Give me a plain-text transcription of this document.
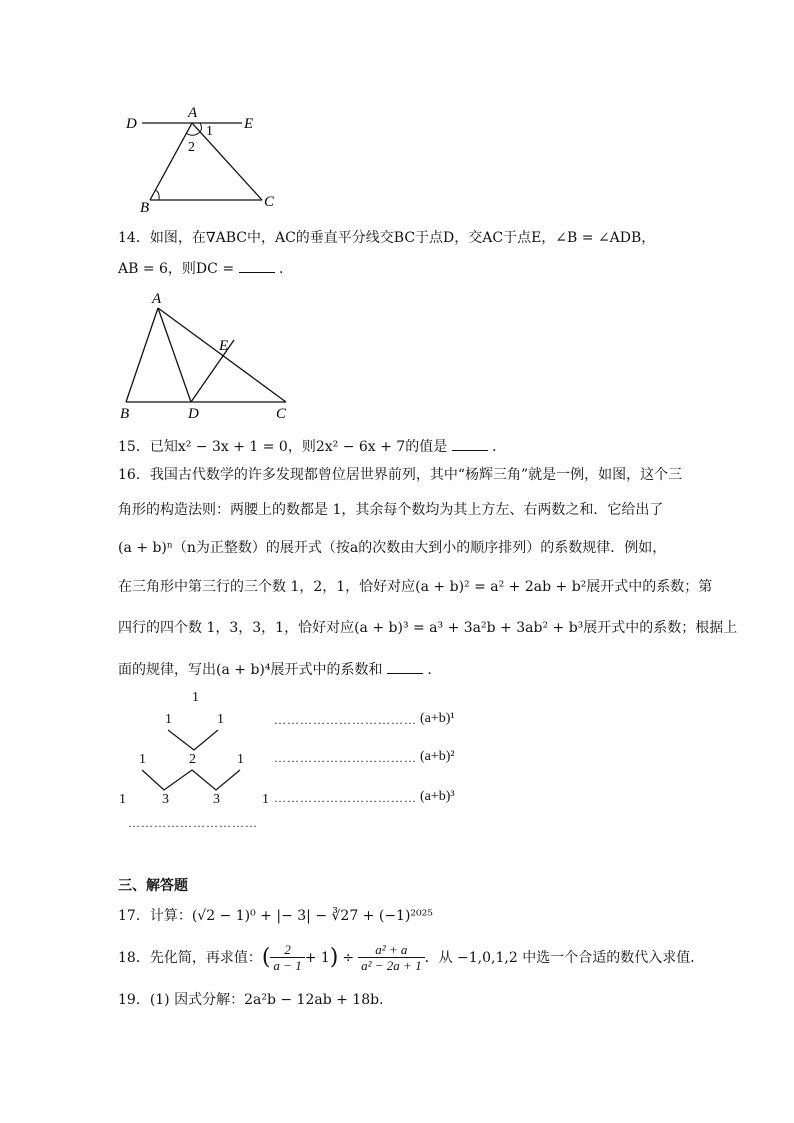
D
A
E
1
2
B	C
14．如图，在∇ABC中，AC的垂直平分线交BC于点D，交AC于点E，∠B = ∠ADB，
AB = 6，则DC =	．
A
E
B	D	C
15．已知x² − 3x + 1 = 0，则2x² − 6x + 7的值是	．
16．我国古代数学的许多发现都曾位居世界前列，其中“杨辉三角”就是一例，如图，这个三
角形的构造法则：两腰上的数都是 1，其余每个数均为其上方左、右两数之和．它给出了
(a + b)ⁿ（n为正整数）的展开式（按a的次数由大到小的顺序排列）的系数规律．例如，
在三角形中第三行的三个数 1，2，1，恰好对应(a + b)² = a² + 2ab + b²展开式中的系数；第
四行的四个数 1，3，3，1，恰好对应(a + b)³ = a³ + 3a²b + 3ab² + b³展开式中的系数；根据上
面的规律，写出(a + b)⁴展开式中的系数和	．
1
1	1
1	2	1
1	3	3	1
…………………………
…………………………… (a+b)¹
…………………………… (a+b)²
…………………………… (a+b)³
三、解答题
17．计算：(√2 − 1)⁰ + |− 3| − ∛27 + (−1)²⁰²⁵
18．先化简，再求值： ( $\frac{2}{a - 1} + 1$ ) ÷ $\frac{\text{a² + a}}{\text{a² − 2a + 1}}$ ．从 −1,0,1,2 中选一个合适的数代入求值．
19．(1) 因式分解：2a²b − 12ab + 18b．
